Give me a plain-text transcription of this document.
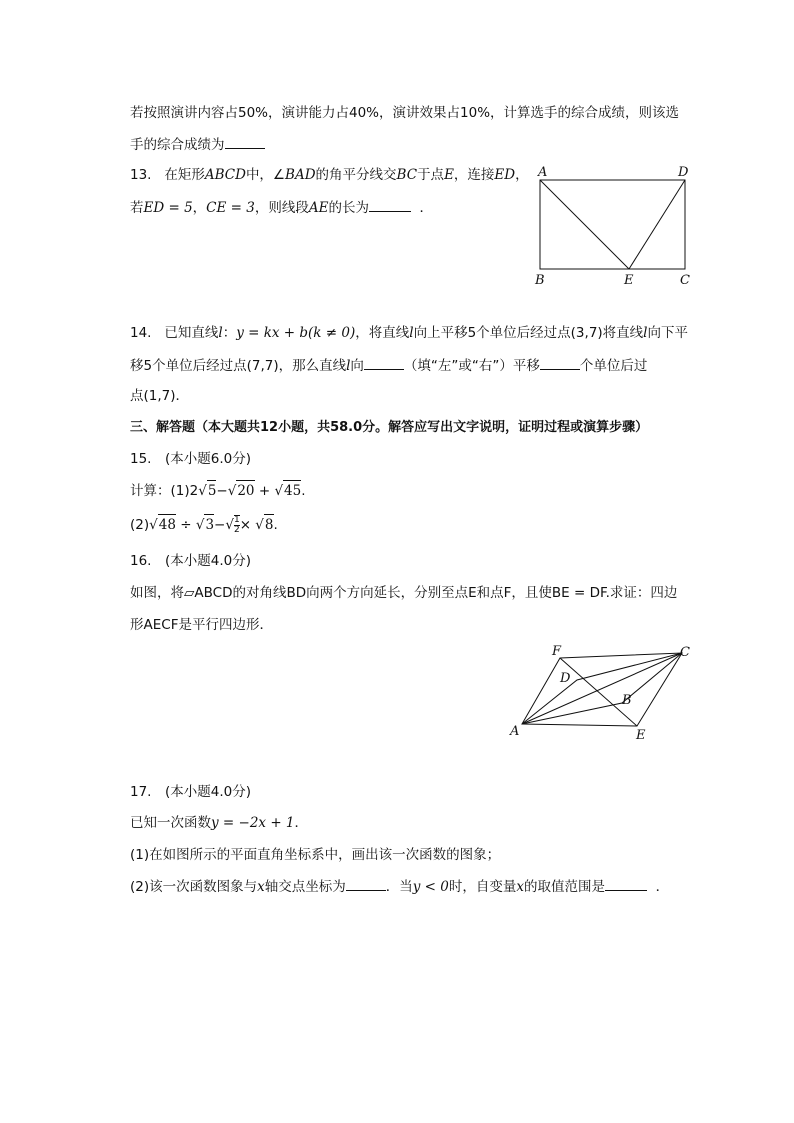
若按照演讲内容占50%，演讲能力占40%，演讲效果占10%，计算选手的综合成绩，则该选
手的综合成绩为
13. 在矩形ABCD中，∠BAD的角平分线交BC于点E，连接ED，
若ED = 5，CE = 3，则线段AE的长为	．
A	D
B	E	C
14. 已知直线l：y = kx + b(k ≠ 0)，将直线l向上平移5个单位后经过点(3,7)将直线l向下平
移5个单位后经过点(7,7)，那么直线l向	（填“左”或“右”）平移	个单位后过
点(1,7)．
三、解答题（本大题共12小题，共58.0分。解答应写出文字说明，证明过程或演算步骤）
15.　(本小题6.0分)
计算：(1)2√5−√20 + √45.
$(2)√48 \div √3-√ \frac{1}{2} \times √8$.
16.　(本小题4.0分)
如图，将▱ABCD的对角线BD向两个方向延长，分别至点E和点F，且使BE = DF.求证：四边
形AECF是平行四边形．
F	C
D
B
A	E
17.　(本小题4.0分)
已知一次函数y = −2x + 1．
(1)在如图所示的平面直角坐标系中，画出该一次函数的图象；
(2)该一次函数图象与x轴交点坐标为	．当y < 0时，自变量x的取值范围是	．
